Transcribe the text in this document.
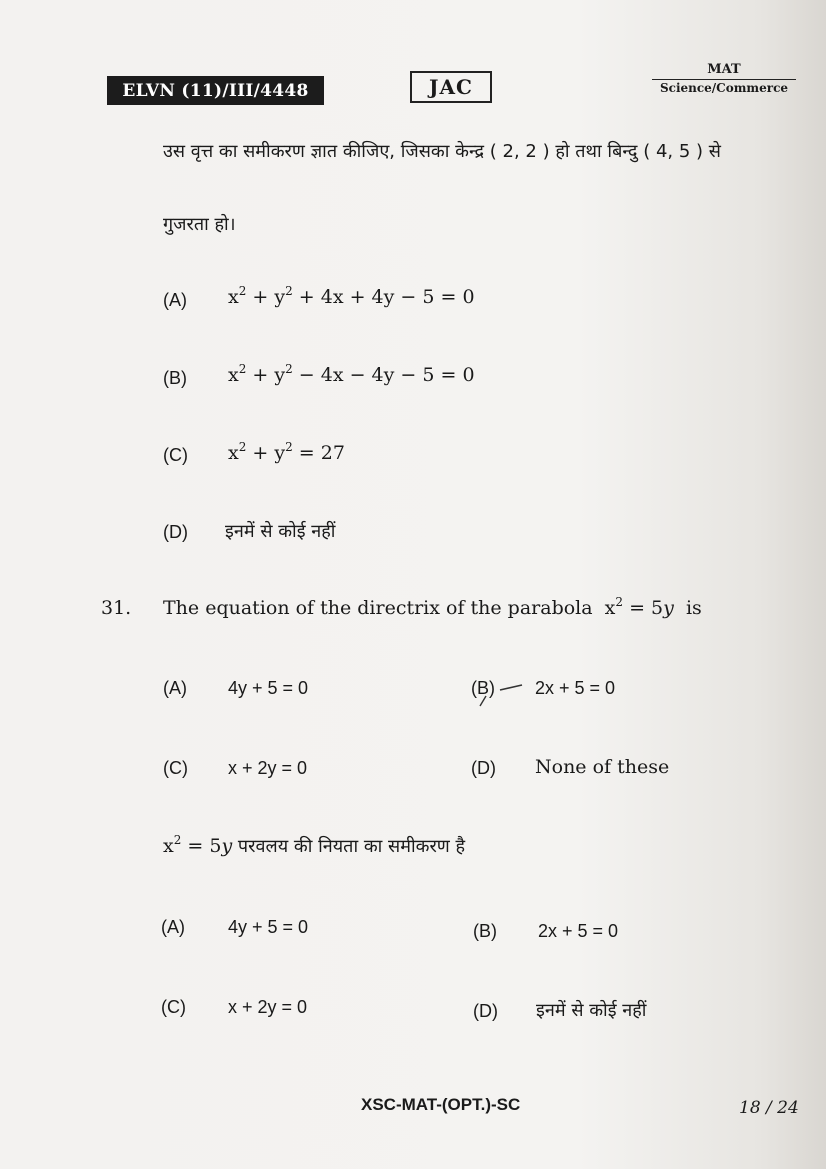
ELVN (11)/III/4448	JAC
MAT
Science/Commerce
उस वृत्त का समीकरण ज्ञात कीजिए, जिसका केन्द्र ( 2, 2 ) हो तथा बिन्दु ( 4, 5 ) से
गुजरता हो।
(A) $x^2 + y^2 + 4x + 4y - 5 = 0$
(B) $x^2 + y^2 - 4x - 4y - 5 = 0$
(C) $x^2 + y^2 = 27$
(D) इनमें से कोई नहीं
31. The equation of the directrix of the parabola  $x^2 = 5y$  is
(A) 4y + 5 = 0	(B) 2x + 5 = 0
(C) x + 2y = 0	(D) None of these
$x^2 = 5y$ परवलय की नियता का समीकरण है
(A) 4y + 5 = 0	(B) 2x + 5 = 0
(C) x + 2y = 0	(D) इनमें से कोई नहीं
XSC-MAT-(OPT.)-SC	18 / 24
